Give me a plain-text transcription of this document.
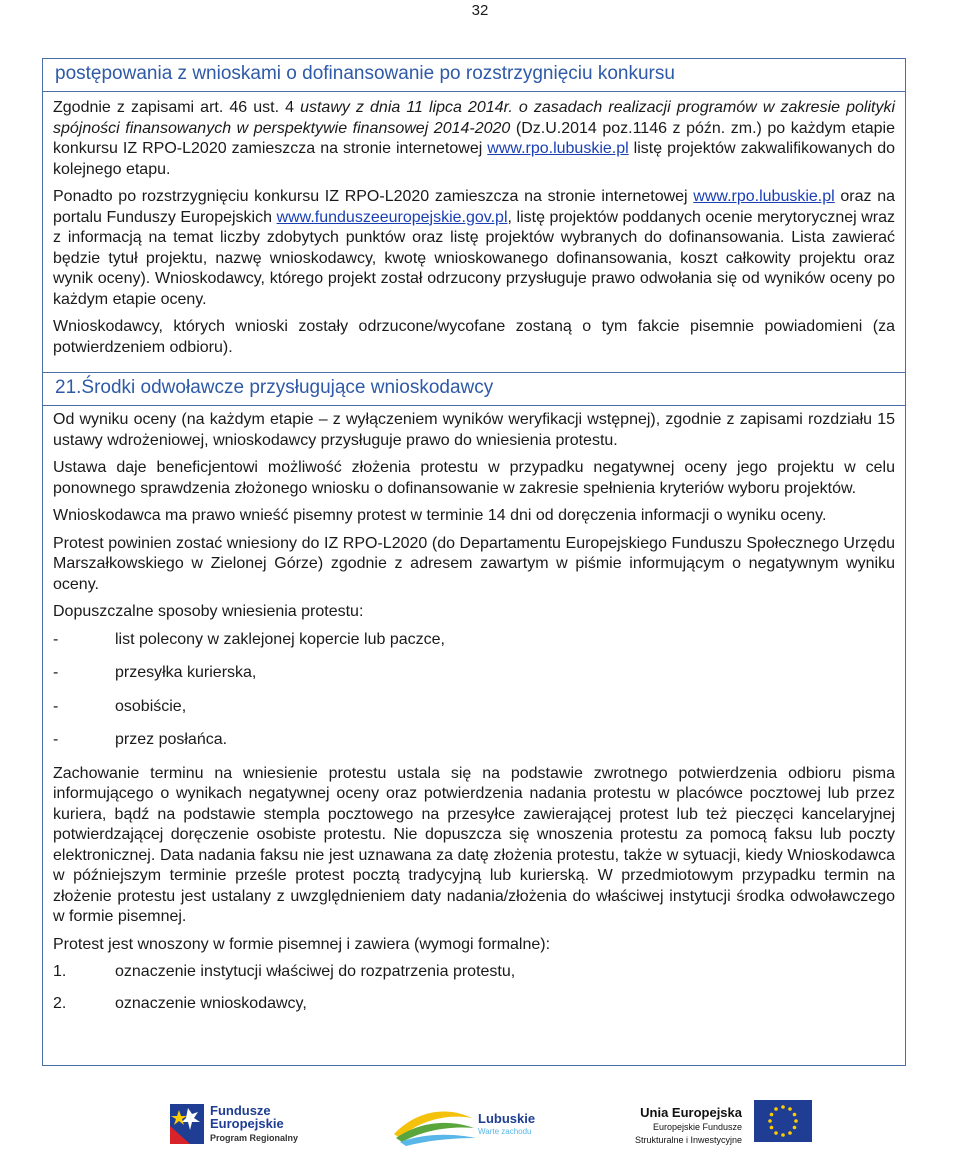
32
postępowania z wnioskami o dofinansowanie po rozstrzygnięciu konkursu

Zgodnie z zapisami art. 46 ust. 4 ustawy z dnia 11 lipca 2014r. o zasadach realizacji programów w zakresie polityki spójności finansowanych w perspektywie finansowej 2014-2020 (Dz.U.2014 poz.1146 z późn. zm.) po każdym etapie konkursu IZ RPO-L2020 zamieszcza na stronie internetowej www.rpo.lubuskie.pl listę projektów zakwalifikowanych do kolejnego etapu.

Ponadto po rozstrzygnięciu konkursu IZ RPO-L2020 zamieszcza na stronie internetowej www.rpo.lubuskie.pl oraz na portalu Funduszy Europejskich www.funduszeeuropejskie.gov.pl, listę projektów poddanych ocenie merytorycznej wraz z informacją na temat liczby zdobytych punktów oraz listę projektów wybranych do dofinansowania. Lista zawierać będzie tytuł projektu, nazwę wnioskodawcy, kwotę wnioskowanego dofinansowania, koszt całkowity projektu oraz wynik oceny). Wnioskodawcy, którego projekt został odrzucony przysługuje prawo odwołania się od wyników oceny po każdym etapie oceny.

Wnioskodawcy, których wnioski zostały odrzucone/wycofane zostaną o tym fakcie pisemnie powiadomieni (za potwierdzeniem odbioru).

21.Środki odwoławcze przysługujące wnioskodawcy

Od wyniku oceny (na każdym etapie – z wyłączeniem wyników weryfikacji wstępnej), zgodnie z zapisami rozdziału 15 ustawy wdrożeniowej, wnioskodawcy przysługuje prawo do wniesienia protestu.

Ustawa daje beneficjentowi możliwość złożenia protestu w przypadku negatywnej oceny jego projektu w celu ponownego sprawdzenia złożonego wniosku o dofinansowanie w zakresie spełnienia kryteriów wyboru projektów.

Wnioskodawca ma prawo wnieść pisemny protest w terminie 14 dni od doręczenia informacji o wyniku oceny.

Protest powinien zostać wniesiony do IZ RPO-L2020 (do Departamentu Europejskiego Funduszu Społecznego Urzędu Marszałkowskiego w Zielonej Górze) zgodnie z adresem zawartym w piśmie informującym o negatywnym wyniku oceny.

Dopuszczalne sposoby wniesienia protestu:

-	list polecony w zaklejonej kopercie lub paczce,
-	przesyłka kurierska,
-	osobiście,
-	przez posłańca.

Zachowanie terminu na wniesienie protestu ustala się na podstawie zwrotnego potwierdzenia odbioru pisma informującego o wynikach negatywnej oceny oraz potwierdzenia nadania protestu w placówce pocztowej lub przez kuriera, bądź na podstawie stempla pocztowego na przesyłce zawierającej protest lub też pieczęci kancelaryjnej potwierdzającej doręczenie osobiste protestu. Nie dopuszcza się wnoszenia protestu za pomocą faksu lub poczty elektronicznej. Data nadania faksu nie jest uznawana za datę złożenia protestu, także w sytuacji, kiedy Wnioskodawca w późniejszym terminie prześle protest pocztą tradycyjną lub kurierską. W przedmiotowym przypadku termin na złożenie protestu jest ustalany z uwzględnieniem daty nadania/złożenia do właściwej instytucji środka odwoławczego w formie pisemnej.

Protest jest wnoszony w formie pisemnej i zawiera (wymogi formalne):

1.	oznaczenie instytucji właściwej do rozpatrzenia protestu,
2.	oznaczenie wnioskodawcy,
Fundusze
Europejskie
Program Regionalny
Lubuskie
Warte zachodu
Unia Europejska
Europejskie Fundusze
Strukturalne i Inwestycyjne
